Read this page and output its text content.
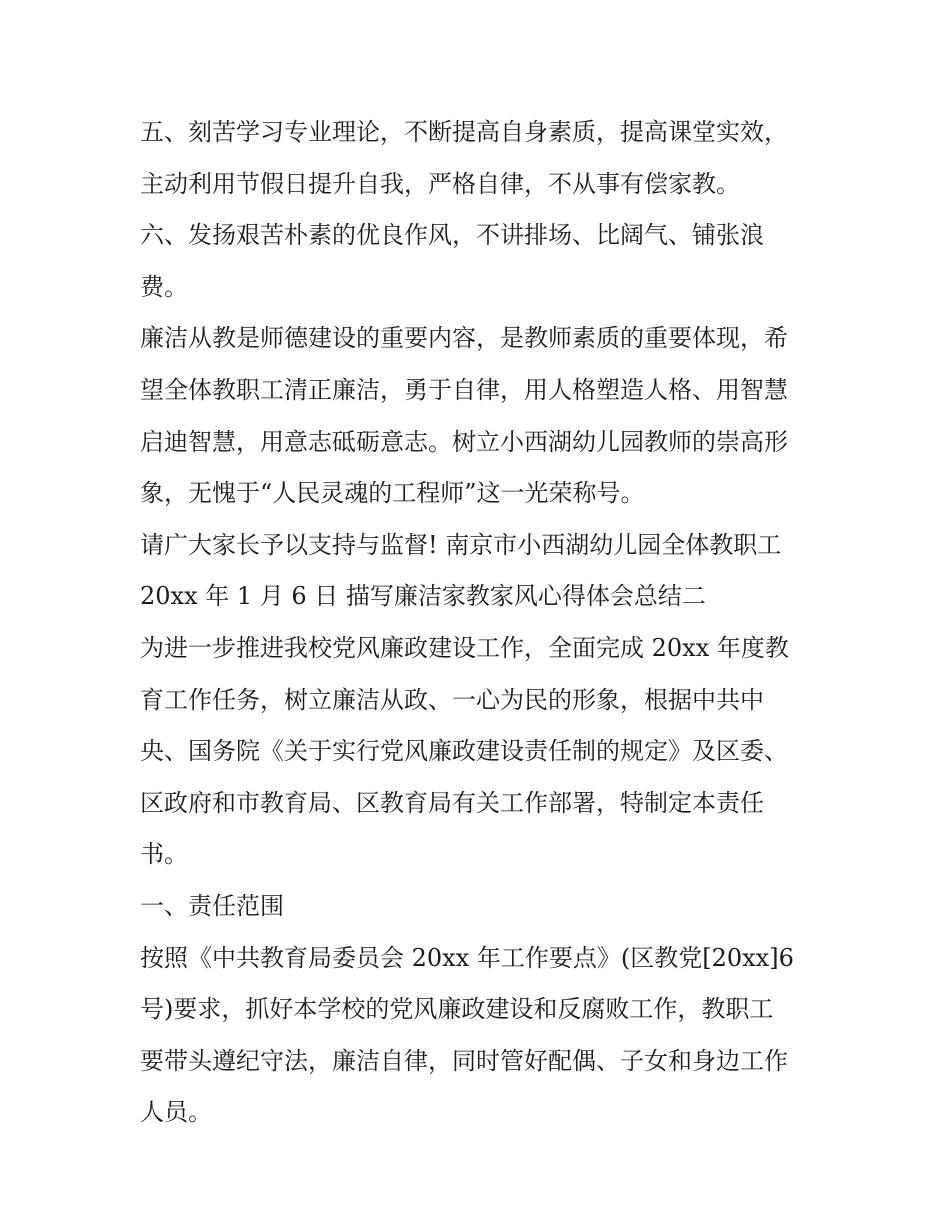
五、刻苦学习专业理论，不断提高自身素质，提高课堂实效，

主动利用节假日提升自我，严格自律，不从事有偿家教。

六、发扬艰苦朴素的优良作风，不讲排场、比阔气、铺张浪

费。

廉洁从教是师德建设的重要内容，是教师素质的重要体现，希

望全体教职工清正廉洁，勇于自律，用人格塑造人格、用智慧

启迪智慧，用意志砥砺意志。树立小西湖幼儿园教师的崇高形

象，无愧于“人民灵魂的工程师”这一光荣称号。

请广大家长予以支持与监督! 南京市小西湖幼儿园全体教职工

20xx 年 1 月 6 日 描写廉洁家教家风心得体会总结二

为进一步推进我校党风廉政建设工作，全面完成 20xx 年度教

育工作任务，树立廉洁从政、一心为民的形象，根据中共中

央、国务院《关于实行党风廉政建设责任制的规定》及区委、

区政府和市教育局、区教育局有关工作部署，特制定本责任

书。

一、责任范围

按照《中共教育局委员会 20xx 年工作要点》(区教党[20xx]6

号)要求，抓好本学校的党风廉政建设和反腐败工作，教职工

要带头遵纪守法，廉洁自律，同时管好配偶、子女和身边工作

人员。
